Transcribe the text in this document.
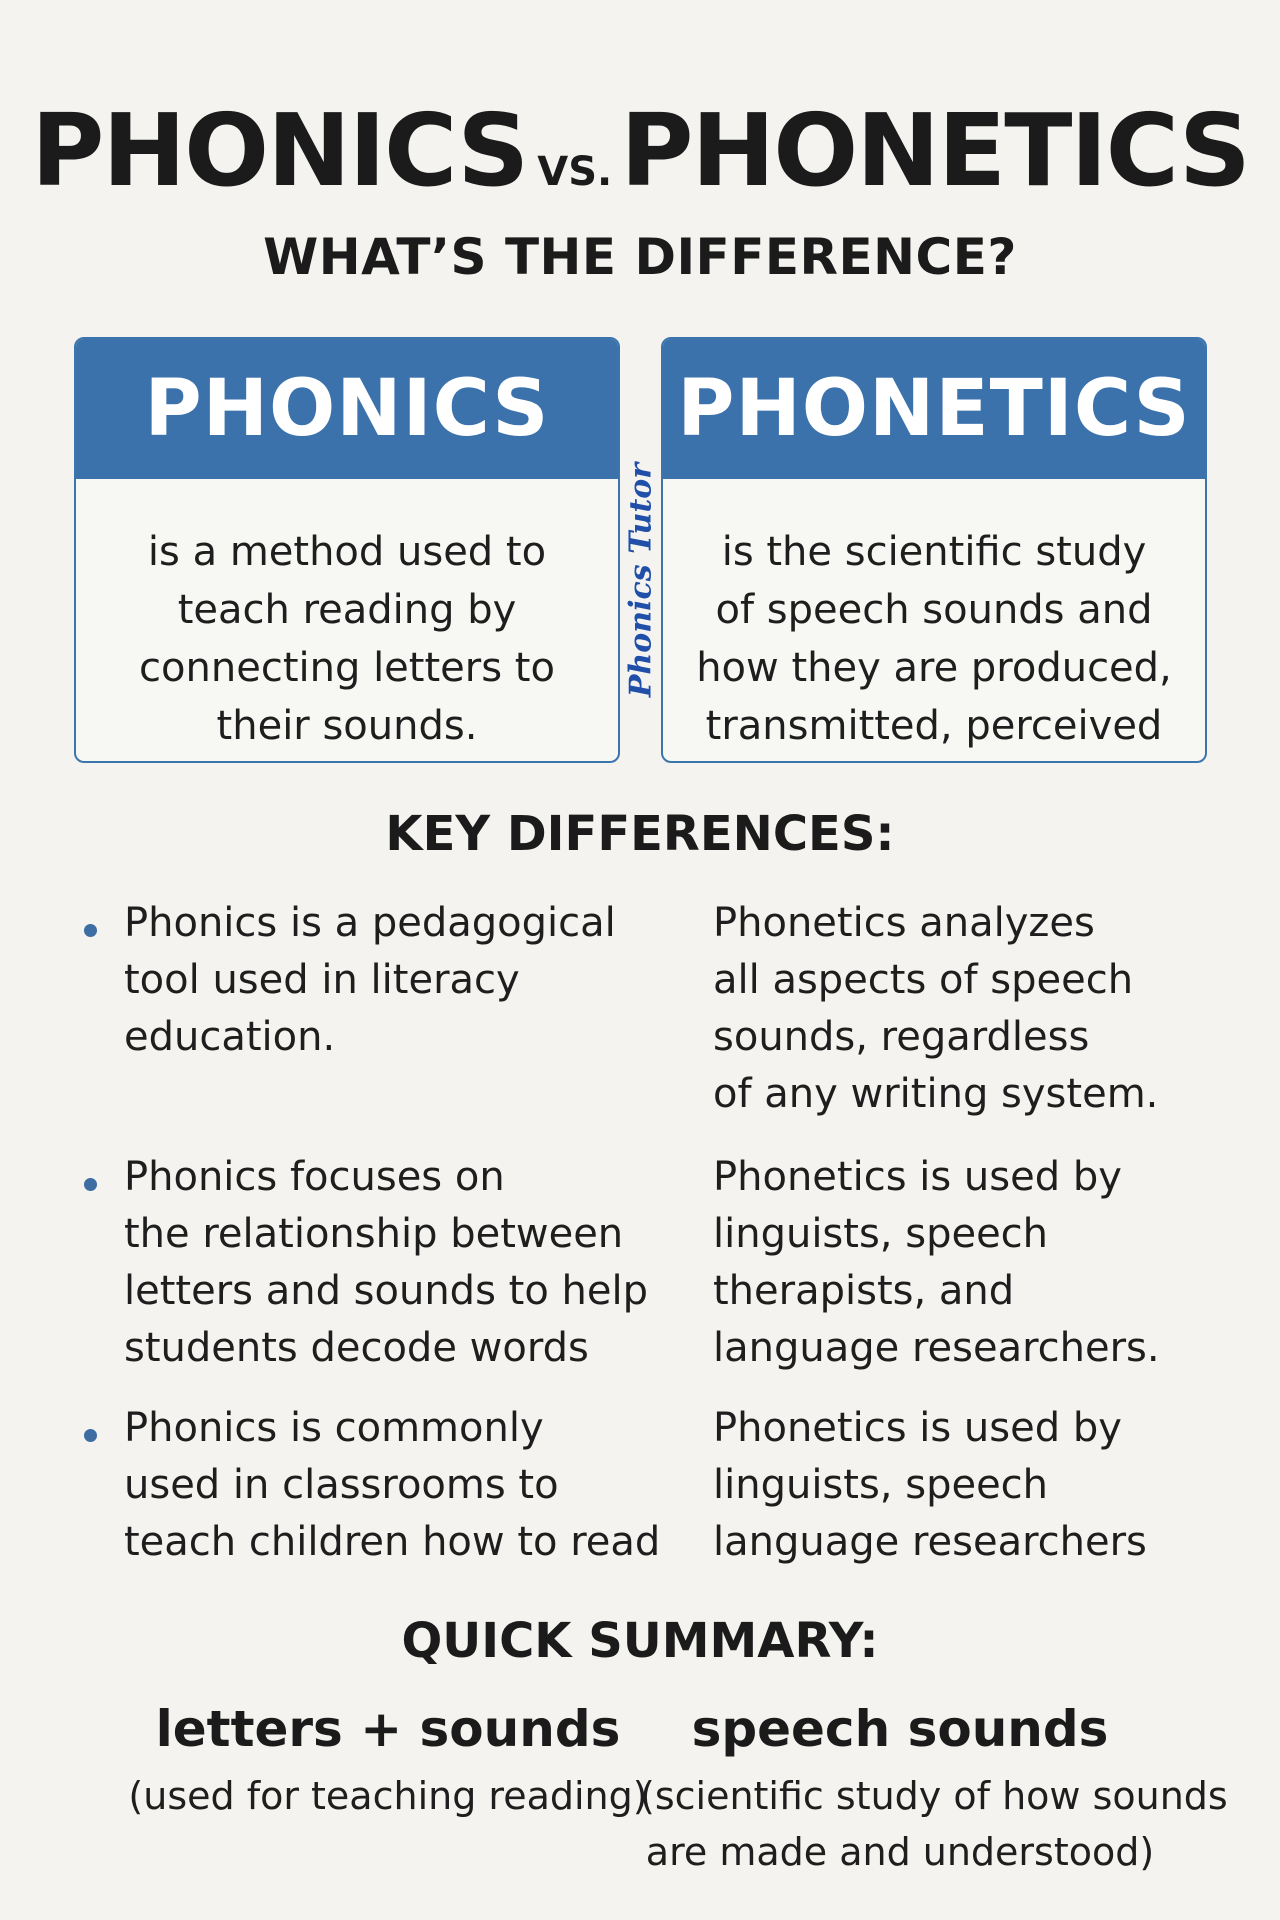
PHONICS VS.PHONETICS
WHAT’S THE DIFFERENCE?
PHONICS
is a method used to
teach reading by
connecting letters to
their sounds.
Phonics Tutor
PHONETICS
is the scientific study
of speech sounds and
how they are produced,
transmitted, perceived
KEY DIFFERENCES:
Phonics is a pedagogical
tool used in literacy
education.
Phonetics analyzes
all aspects of speech
sounds, regardless
of any writing system.
Phonics focuses on
the relationship between
letters and sounds to help
students decode words
Phonetics is used by
linguists, speech
therapists, and
language researchers.
Phonics is commonly
used in classrooms to
teach children how to read
Phonetics is used by
linguists, speech
language researchers
QUICK SUMMARY:
letters + sounds
(used for teaching reading)
speech sounds
(scientific study of how sounds
are made and understood)
